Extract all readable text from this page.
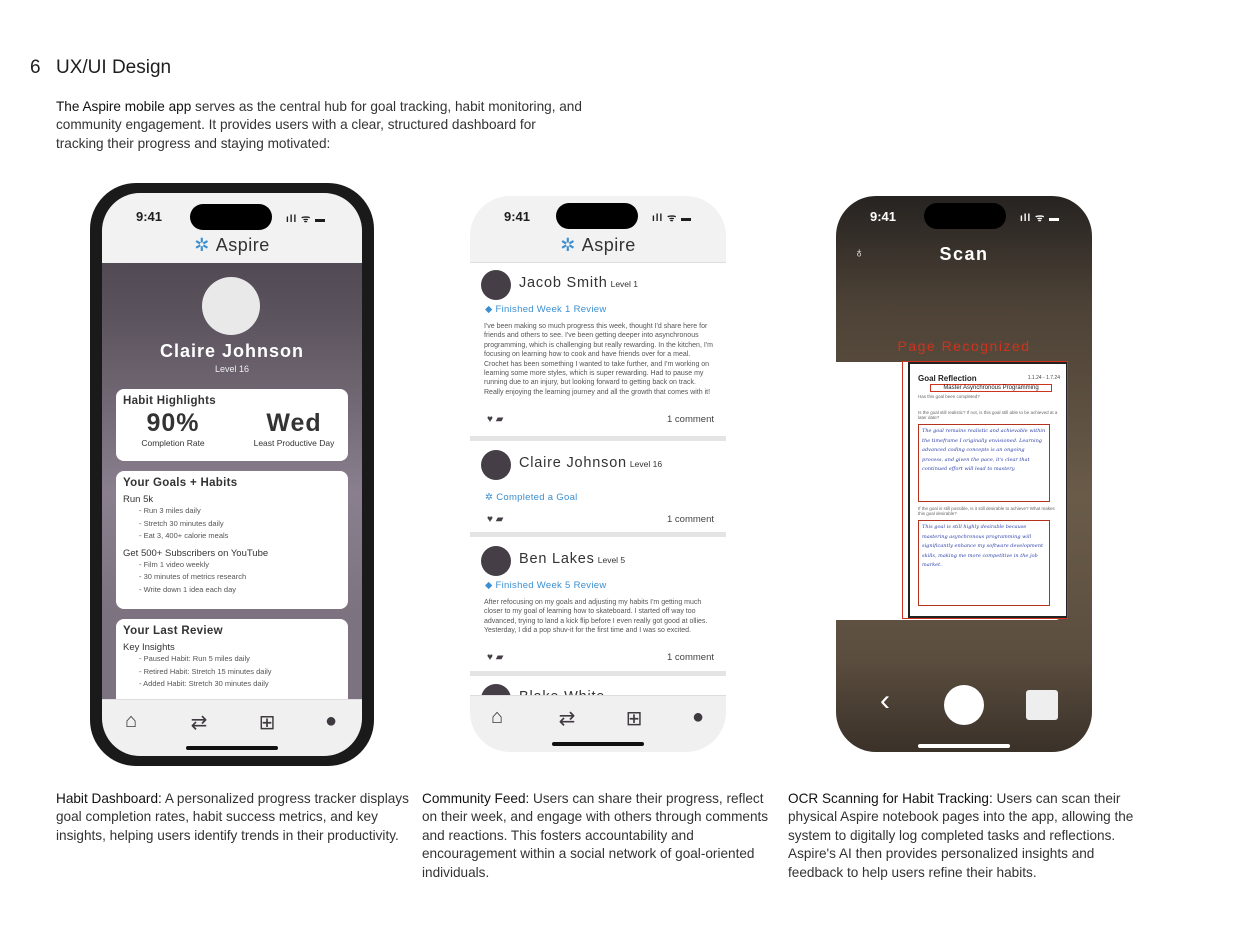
6 UX/UI Design
The Aspire mobile app serves as the central hub for goal tracking, habit monitoring, and community engagement. It provides users with a clear, structured dashboard for tracking their progress and staying motivated:
9:41	ıll ᯤ ▬
✲ Aspire
Claire Johnson
Level 16
Habit Highlights
90%
Completion Rate
Wed
Least Productive Day
Your Goals + Habits
Run 5k
- Run 3 miles daily
- Stretch 30 minutes daily
- Eat 3, 400+ calorie meals
Get 500+ Subscribers on YouTube
- Film 1 video weekly
- 30 minutes of metrics research
- Write down 1 idea each day
Your Last Review
Key Insights
- Paused Habit: Run 5 miles daily
- Retired Habit: Stretch 15 minutes daily
- Added Habit: Stretch 30 minutes daily
⌂	⇄	⊞	●
9:41	ıll ᯤ ▬
✲ Aspire
Jacob Smith Level 1
◆ Finished Week 1 Review
I've been making so much progress this week, thought I'd share here for friends and others to see. I've been getting deeper into asynchronous programming, which is challenging but really rewarding. In the kitchen, I'm focusing on learning how to cook and have friends over for a meal. Crochet has been something I wanted to take further, and I'm working on learning some more styles, which is super rewarding. Had to pause my running due to an injury, but looking forward to getting back on track. Really enjoying the learning journey and all the growth that comes with it!
♥ ▰	1 comment
Claire Johnson Level 16
✲ Completed a Goal
♥ ▰	1 comment
Ben Lakes Level 5
◆ Finished Week 5 Review
After refocusing on my goals and adjusting my habits I'm getting much closer to my goal of learning how to skateboard. I started off way too advanced, trying to land a kick flip before I even really got good at ollies. Yesterday, I did a pop shuv-it for the first time and I was so excited.
♥ ▰	1 comment
⌂	⇄	⊞	●
9:41	ıll ᯤ ▬
♁	Scan
Page Recognized
Goal Reflection	1.1.24 - 1.7.24
Master Asynchronous Programming
Has this goal been completed?
Is the goal still realistic? If not, is this goal still able to be achieved at a later date?
The goal remains realistic and achievable within the timeframe I originally envisioned. Learning advanced coding concepts is an ongoing process, and given the pace, it's clear that continued effort will lead to mastery.
If the goal is still possible, is it still desirable to achieve? What makes this goal desirable?
This goal is still highly desirable because mastering asynchronous programming will significantly enhance my software development skills, making me more competitive in the job market.
‹
Habit Dashboard: A personalized progress tracker displays goal completion rates, habit success metrics, and key insights, helping users identify trends in their productivity.
Community Feed: Users can share their progress, reflect on their week, and engage with others through comments and reactions. This fosters accountability and encouragement within a social network of goal-oriented individuals.
OCR Scanning for Habit Tracking: Users can scan their physical Aspire notebook pages into the app, allowing the system to digitally log completed tasks and reflections. Aspire's AI then provides personalized insights and feedback to help users refine their habits.
